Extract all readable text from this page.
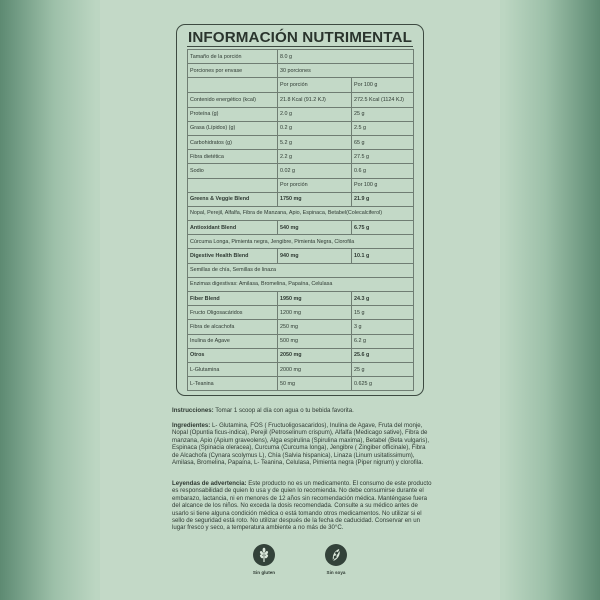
INFORMACIÓN NUTRIMENTAL
Tamaño de la porción	8.0 g	
Porciones por envase	30 porciones	
	Por porción	Por 100 g
Contenido energético (kcal)	21.8 Kcal (91.2 KJ)	272.5 Kcal (1124 KJ)
Proteína (g)	2.0 g	25 g
Grasa (Lípidos) (g)	0.2 g	2.5 g
Carbohidratos (g)	5.2 g	65 g
Fibra dietética	2.2 g	27.5 g
Sodio	0.02 g	0.6 g
	Por porción	Por 100 g
Greens & Veggie Blend	1750 mg	21.9 g
Nopal, Perejil, Alfalfa, Fibra de Manzana, Apio, Espinaca, Betabel(Colecalciferol)		
Antioxidant Blend	540 mg	6.75 g
Cúrcuma Longa, Pimienta negra, Jengibre, Pimienta Negra, Clorofila		
Digestive Health Blend	940 mg	10.1 g
Semillas de chía, Semillas de linaza		
Enzimas digestivas: Amilasa, Bromelina, Papaína, Celulasa		
Fiber Blend	1950 mg	24.3 g
Fructo Oligosacáridos	1200 mg	15 g
Fibra de alcachofa	250 mg	3 g
Inulina de Agave	500 mg	6.2 g
Otros	2050 mg	25.6 g
L-Glutamina	2000 mg	25 g
L-Teanina	50 mg	0.625 g
Instrucciones: Tomar 1 scoop al día con agua o tu bebida favorita.
Ingredientes: L- Glutamina, FOS ( Fructuoligosacaridos), Inulina de Agave, Fruta del monje, Nopal (Opuntia ficus-indica), Perejil (Petroselinum crispum), Alfalfa (Medicago sative), Fibra de manzana, Apio (Apium graveolens), Alga espirulina (Spirulina maxima), Betabel (Beta vulgaris), Espinaca (Spinacia oleracea), Curcuma (Curcuma longa), Jengibre ( Zingiber officinale), Fibra de Alcachofa (Cynara scolymus L), Chía (Salvia hispanica), Linaza (Linum usitatissimum), Amilasa, Bromelina, Papaína, L- Teanina, Celulasa, Pimienta negra (Piper nigrum) y clorofila.
Leyendas de advertencia: Este producto no es un medicamento. El consumo de este producto es responsabilidad de quien lo usa y de quien lo recomienda. No debe consumirse durante el embarazo, lactancia, ni en menores de 12 años sin recomendación médica. Manténgase fuera del alcance de los niños. No exceda la dosis recomendada. Consulte a su médico antes de usarlo si tiene alguna condición médica o está tomando otros medicamentos. No utilizar si el sello de seguridad está roto. No utilizar después de la fecha de caducidad. Conservar en un lugar fresco y seco, a temperatura ambiente a no más de 30°C.
Sin gluten	Sin soya
